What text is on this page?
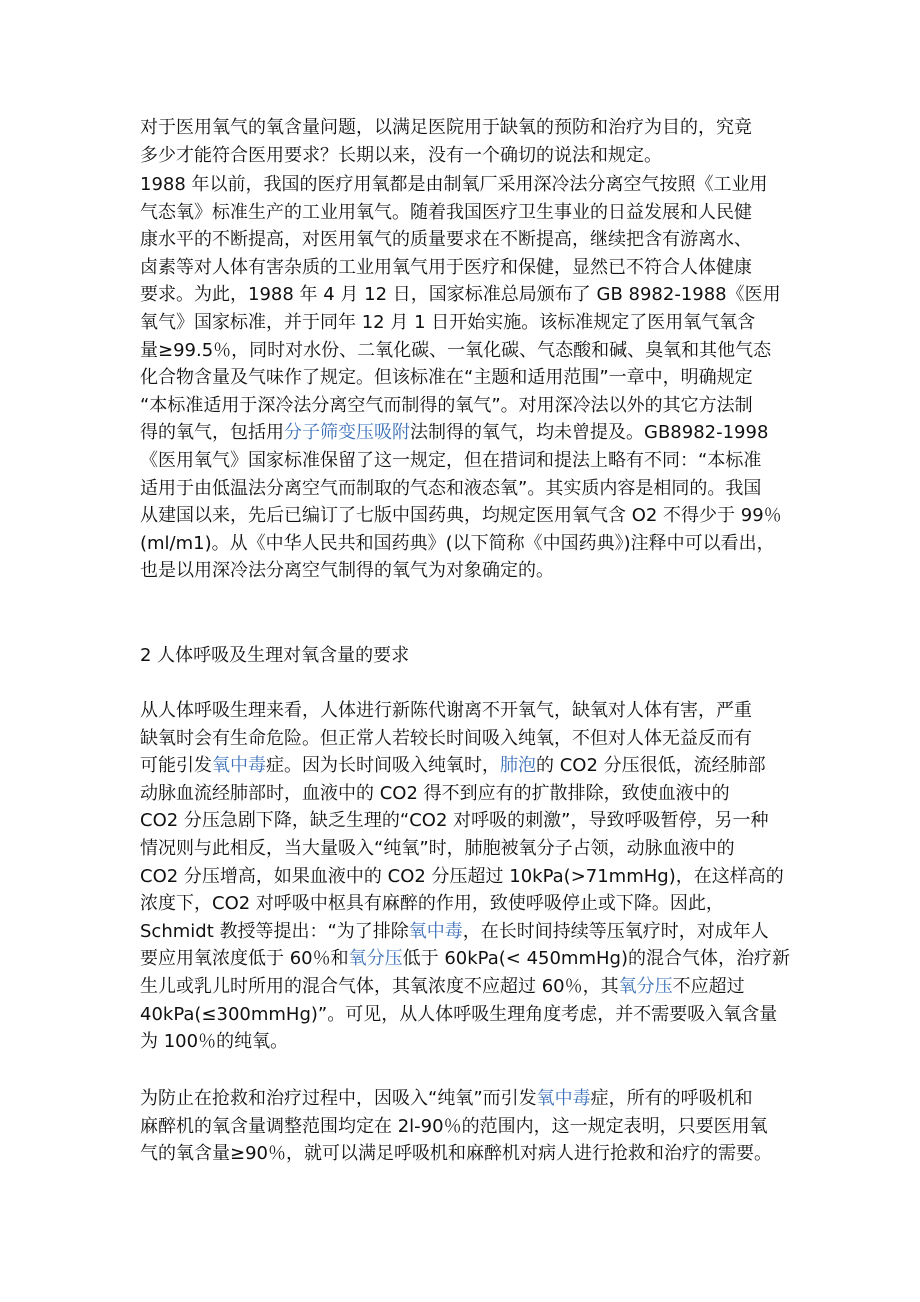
对于医用氧气的氧含量问题，以满足医院用于缺氧的预防和治疗为目的，究竟
多少才能符合医用要求？长期以来，没有一个确切的说法和规定。
1988 年以前，我国的医疗用氧都是由制氧厂采用深冷法分离空气按照《工业用
气态氧》标准生产的工业用氧气。随着我国医疗卫生事业的日益发展和人民健
康水平的不断提高，对医用氧气的质量要求在不断提高，继续把含有游离水、
卤素等对人体有害杂质的工业用氧气用于医疗和保健，显然已不符合人体健康
要求。为此，1988 年 4 月 12 日，国家标准总局颁布了 GB 8982-1988《医用
氧气》国家标准，并于同年 12 月 1 日开始实施。该标准规定了医用氧气氧含
量≥99.5％，同时对水份、二氧化碳、一氧化碳、气态酸和碱、臭氧和其他气态
化合物含量及气味作了规定。但该标准在“主题和适用范围”一章中，明确规定
“本标准适用于深冷法分离空气而制得的氧气”。对用深冷法以外的其它方法制
得的氧气，包括用分子筛变压吸附法制得的氧气，均未曾提及。GB8982-1998
《医用氧气》国家标准保留了这一规定，但在措词和提法上略有不同：“本标准
适用于由低温法分离空气而制取的气态和液态氧”。其实质内容是相同的。我国
从建国以来，先后已编订了七版中国药典，均规定医用氧气含 O2 不得少于 99％
(ml/m1)。从《中华人民共和国药典》(以下简称《中国药典》)注释中可以看出，
也是以用深冷法分离空气制得的氧气为对象确定的。
2 人体呼吸及生理对氧含量的要求
从人体呼吸生理来看，人体进行新陈代谢离不开氧气，缺氧对人体有害，严重
缺氧时会有生命危险。但正常人若较长时间吸入纯氧，不但对人体无益反而有
可能引发氧中毒症。因为长时间吸入纯氧时，肺泡的 CO2 分压很低，流经肺部
动脉血流经肺部时，血液中的 CO2 得不到应有的扩散排除，致使血液中的
CO2 分压急剧下降，缺乏生理的“CO2 对呼吸的刺激”，导致呼吸暂停，另一种
情况则与此相反，当大量吸入“纯氧”时，肺胞被氧分子占领，动脉血液中的
CO2 分压增高，如果血液中的 CO2 分压超过 10kPa(>71mmHg)，在这样高的
浓度下，CO2 对呼吸中枢具有麻醉的作用，致使呼吸停止或下降。因此，
Schmidt 教授等提出：“为了排除氧中毒，在长时间持续等压氧疗时，对成年人
要应用氧浓度低于 60％和氧分压低于 60kPa(< 450mmHg)的混合气体，治疗新
生儿或乳儿时所用的混合气体，其氧浓度不应超过 60％，其氧分压不应超过
40kPa(≤300mmHg)”。可见，从人体呼吸生理角度考虑，并不需要吸入氧含量
为 100％的纯氧。
为防止在抢救和治疗过程中，因吸入“纯氧”而引发氧中毒症，所有的呼吸机和
麻醉机的氧含量调整范围均定在 2l-90％的范围内，这一规定表明，只要医用氧
气的氧含量≥90％，就可以满足呼吸机和麻醉机对病人进行抢救和治疗的需要。
